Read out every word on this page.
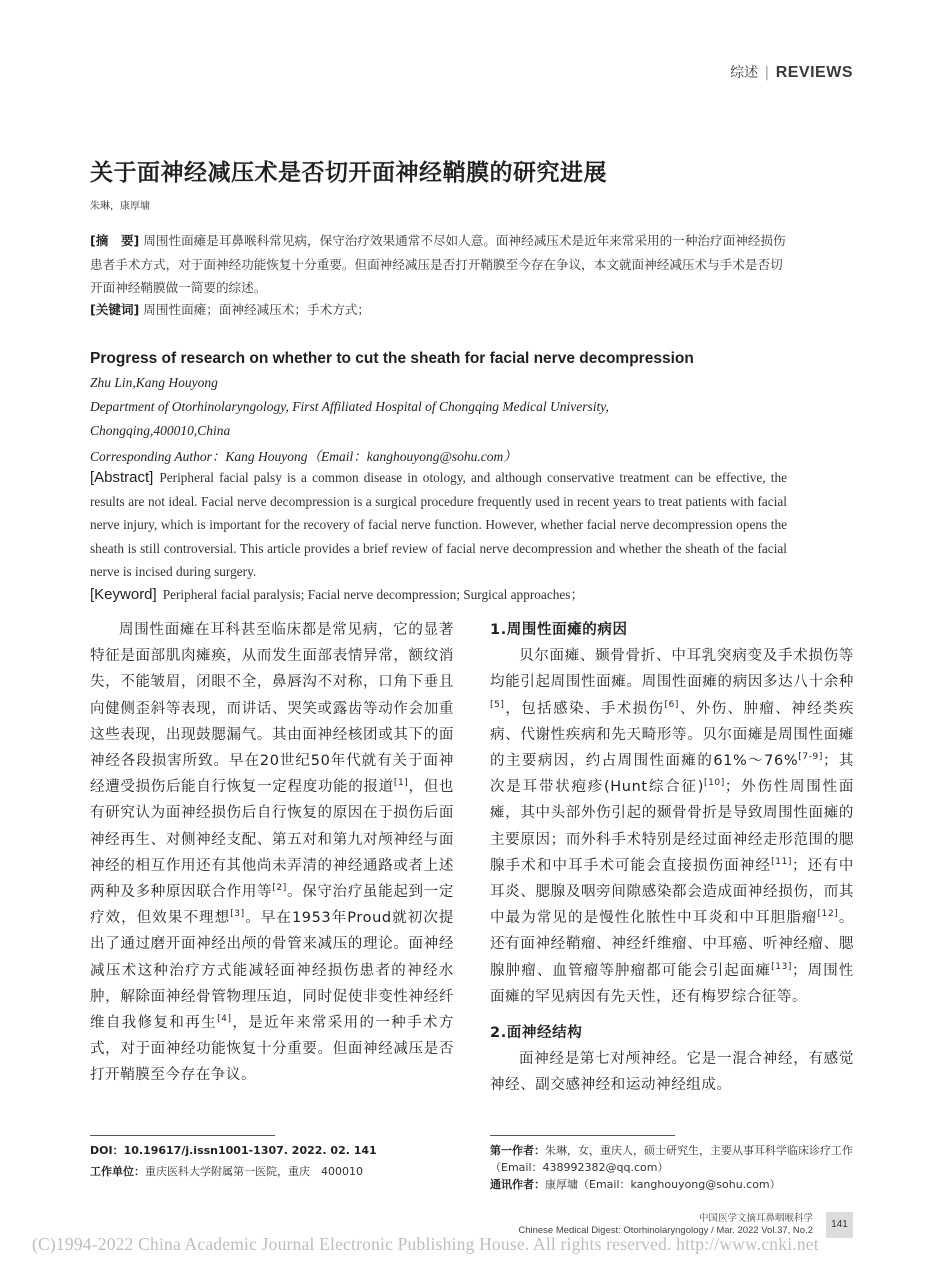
综述 | REVIEWS
关于面神经减压术是否切开面神经鞘膜的研究进展
朱琳，康厚墉
[摘　要] 周围性面瘫是耳鼻喉科常见病，保守治疗效果通常不尽如人意。面神经减压术是近年来常采用的一种治疗面神经损伤患者手术方式，对于面神经功能恢复十分重要。但面神经减压是否打开鞘膜至今存在争议，本文就面神经减压术与手术是否切开面神经鞘膜做一简要的综述。
[关键词] 周围性面瘫；面神经减压术；手术方式；
Progress of research on whether to cut the sheath for facial nerve decompression
Zhu Lin,Kang Houyong
Department of Otorhinolaryngology, First Affiliated Hospital of Chongqing Medical University,
Chongqing,400010,China
Corresponding Author：Kang Houyong（Email：kanghouyong@sohu.com）
[Abstract] Peripheral facial palsy is a common disease in otology, and although conservative treatment can be effective, the results are not ideal. Facial nerve decompression is a surgical procedure frequently used in recent years to treat patients with facial nerve injury, which is important for the recovery of facial nerve function. However, whether facial nerve decompression opens the sheath is still controversial. This article provides a brief review of facial nerve decompression and whether the sheath of the facial nerve is incised during surgery.
[Keyword] Peripheral facial paralysis; Facial nerve decompression; Surgical approaches；

周围性面瘫在耳科甚至临床都是常见病，它的显著特征是面部肌肉瘫痪，从而发生面部表情异常，额纹消失，不能皱眉，闭眼不全，鼻唇沟不对称，口角下垂且向健侧歪斜等表现，而讲话、哭笑或露齿等动作会加重这些表现，出现鼓腮漏气。其由面神经核团或其下的面神经各段损害所致。早在20世纪50年代就有关于面神经遭受损伤后能自行恢复一定程度功能的报道[1]，但也有研究认为面神经损伤后自行恢复的原因在于损伤后面神经再生、对侧神经支配、第五对和第九对颅神经与面神经的相互作用还有其他尚未弄清的神经通路或者上述两种及多种原因联合作用等[2]。保守治疗虽能起到一定疗效，但效果不理想[3]。早在1953年Proud就初次提出了通过磨开面神经出颅的骨管来减压的理论。面神经减压术这种治疗方式能减轻面神经损伤患者的神经水肿，解除面神经骨管物理压迫，同时促使非变性神经纤维自我修复和再生[4]，是近年来常采用的一种手术方式，对于面神经功能恢复十分重要。但面神经减压是否打开鞘膜至今存在争议。

1.周围性面瘫的病因

贝尔面瘫、颞骨骨折、中耳乳突病变及手术损伤等均能引起周围性面瘫。周围性面瘫的病因多达八十余种[5]，包括感染、手术损伤[6]、外伤、肿瘤、神经类疾病、代谢性疾病和先天畸形等。贝尔面瘫是周围性面瘫的主要病因，约占周围性面瘫的61%～76%[7-9]；其次是耳带状疱疹(Hunt综合征)[10]；外伤性周围性面瘫，其中头部外伤引起的颞骨骨折是导致周围性面瘫的主要原因；而外科手术特别是经过面神经走形范围的腮腺手术和中耳手术可能会直接损伤面神经[11]；还有中耳炎、腮腺及咽旁间隙感染都会造成面神经损伤，而其中最为常见的是慢性化脓性中耳炎和中耳胆脂瘤[12]。还有面神经鞘瘤、神经纤维瘤、中耳癌、听神经瘤、腮腺肿瘤、血管瘤等肿瘤都可能会引起面瘫[13]；周围性面瘫的罕见病因有先天性，还有梅罗综合征等。

2.面神经结构

面神经是第七对颅神经。它是一混合神经，有感觉神经、副交感神经和运动神经组成。

DOI：10.19617/j.issn1001-1307. 2022. 02. 141
工作单位：重庆医科大学附属第一医院，重庆　400010
第一作者：朱琳，女，重庆人，硕士研究生，主要从事耳科学临床诊疗工作（Email：438992382@qq.com）
通讯作者：康厚墉（Email：kanghouyong@sohu.com）
中国医学文摘耳鼻咽喉科学
Chinese Medical Digest: Otorhinolaryngology / Mar. 2022 Vol.37, No.2
141
(C)1994-2022 China Academic Journal Electronic Publishing House. All rights reserved. http://www.cnki.net
